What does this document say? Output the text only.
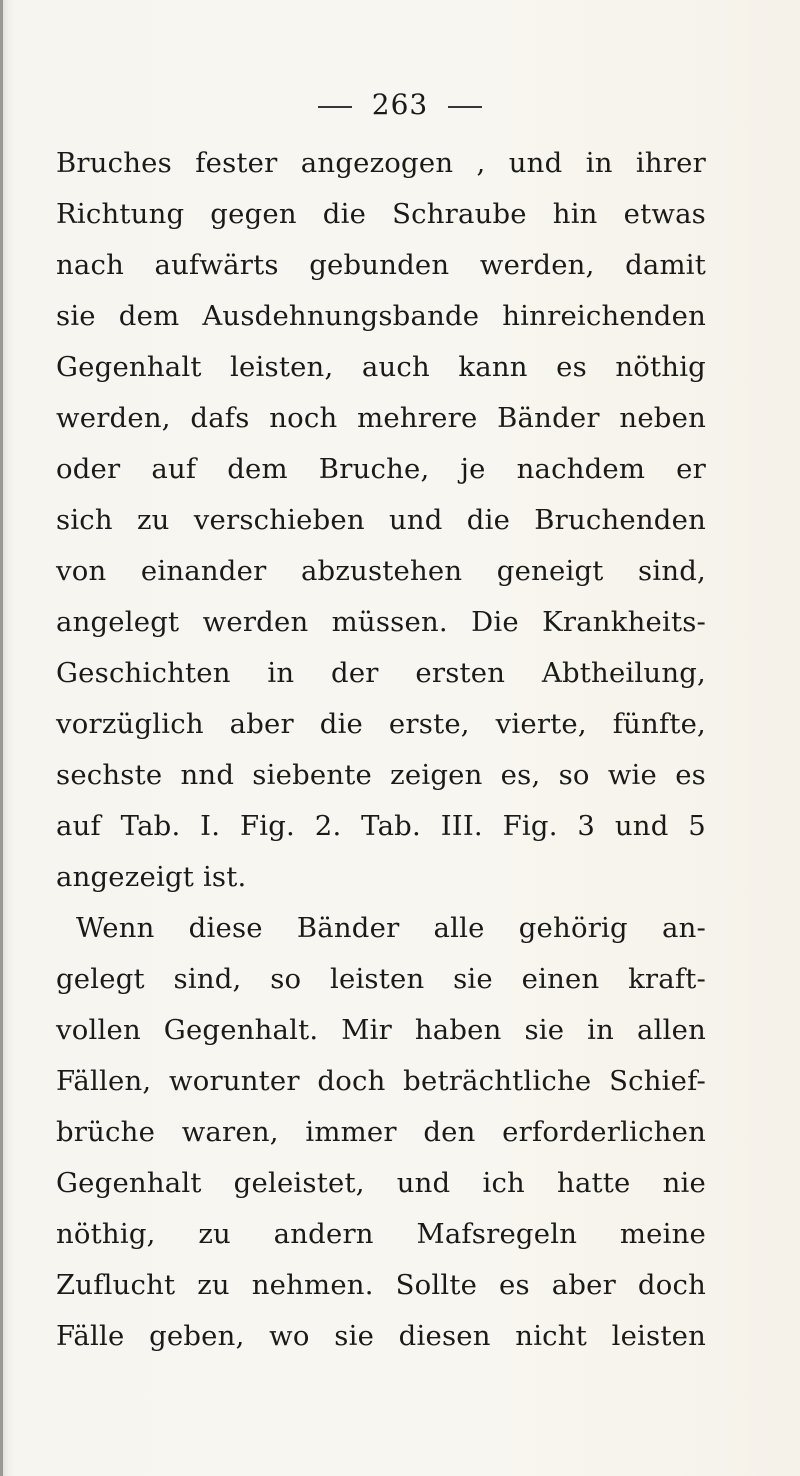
263
Bruches fester angezogen , und in ihrer
Richtung gegen die Schraube hin etwas
nach aufwärts gebunden werden, damit
sie dem Ausdehnungsbande hinreichenden
Gegenhalt leisten, auch kann es nöthig
werden, dafs noch mehrere Bänder neben
oder auf dem Bruche, je nachdem er
sich zu verschieben und die Bruchenden
von einander abzustehen geneigt sind,
angelegt werden müssen. Die Krankheits-
Geschichten in der ersten Abtheilung,
vorzüglich aber die erste, vierte, fünfte,
sechste nnd siebente zeigen es, so wie es
auf Tab. I. Fig. 2. Tab. III. Fig. 3 und 5
angezeigt ist.
Wenn diese Bänder alle gehörig an-
gelegt sind, so leisten sie einen kraft-
vollen Gegenhalt. Mir haben sie in allen
Fällen, worunter doch beträchtliche Schief-
brüche waren, immer den erforderlichen
Gegenhalt geleistet, und ich hatte nie
nöthig, zu andern Mafsregeln meine
Zuflucht zu nehmen. Sollte es aber doch
Fälle geben, wo sie diesen nicht leisten
